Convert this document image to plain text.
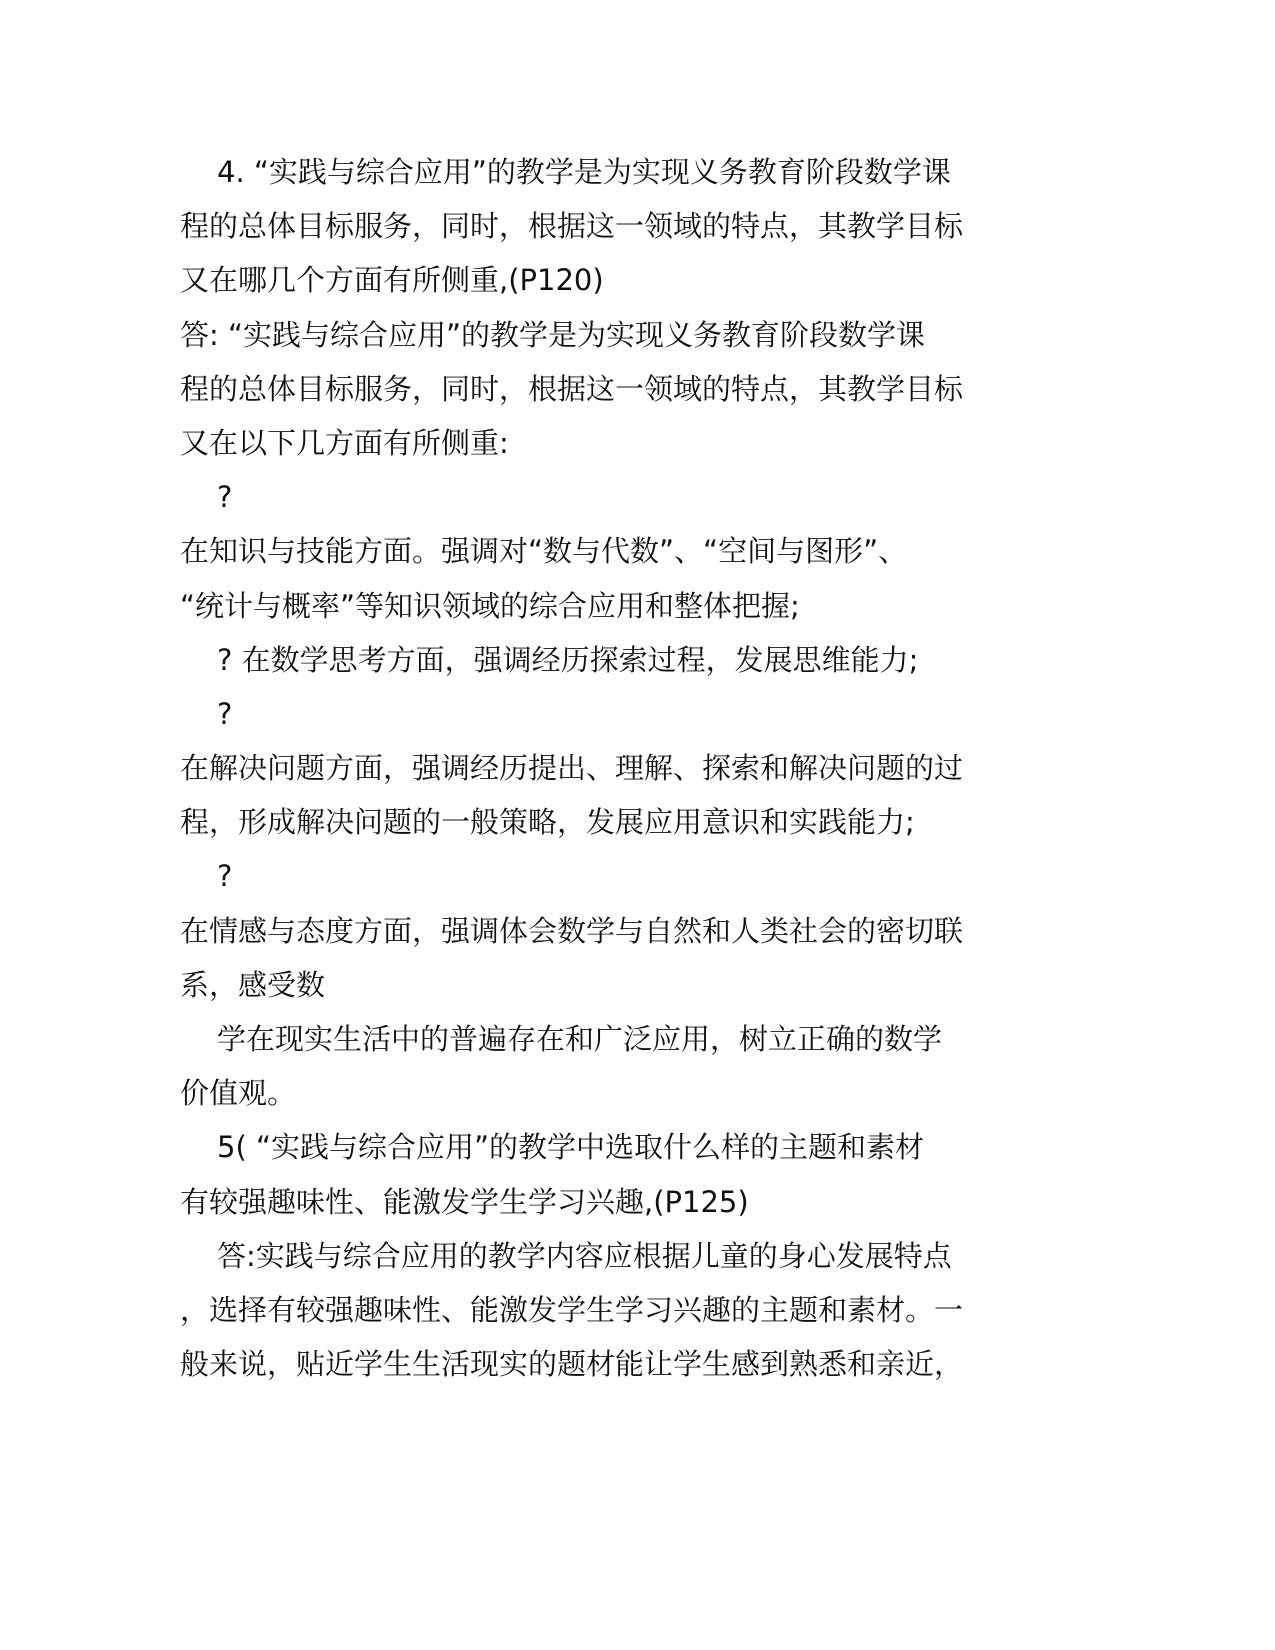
4. “实践与综合应用”的教学是为实现义务教育阶段数学课
程的总体目标服务，同时，根据这一领域的特点，其教学目标
又在哪几个方面有所侧重,(P120)
答: “实践与综合应用”的教学是为实现义务教育阶段数学课
程的总体目标服务，同时，根据这一领域的特点，其教学目标
又在以下几方面有所侧重:
?
在知识与技能方面。强调对“数与代数”、“空间与图形”、
“统计与概率”等知识领域的综合应用和整体把握;
? 在数学思考方面，强调经历探索过程，发展思维能力;
?
在解决问题方面，强调经历提出、理解、探索和解决问题的过
程，形成解决问题的一般策略，发展应用意识和实践能力;
?
在情感与态度方面，强调体会数学与自然和人类社会的密切联
系，感受数
学在现实生活中的普遍存在和广泛应用，树立正确的数学
价值观。
5( “实践与综合应用”的教学中选取什么样的主题和素材
有较强趣味性、能激发学生学习兴趣,(P125)
答:实践与综合应用的教学内容应根据儿童的身心发展特点
，选择有较强趣味性、能激发学生学习兴趣的主题和素材。一
般来说，贴近学生生活现实的题材能让学生感到熟悉和亲近，
